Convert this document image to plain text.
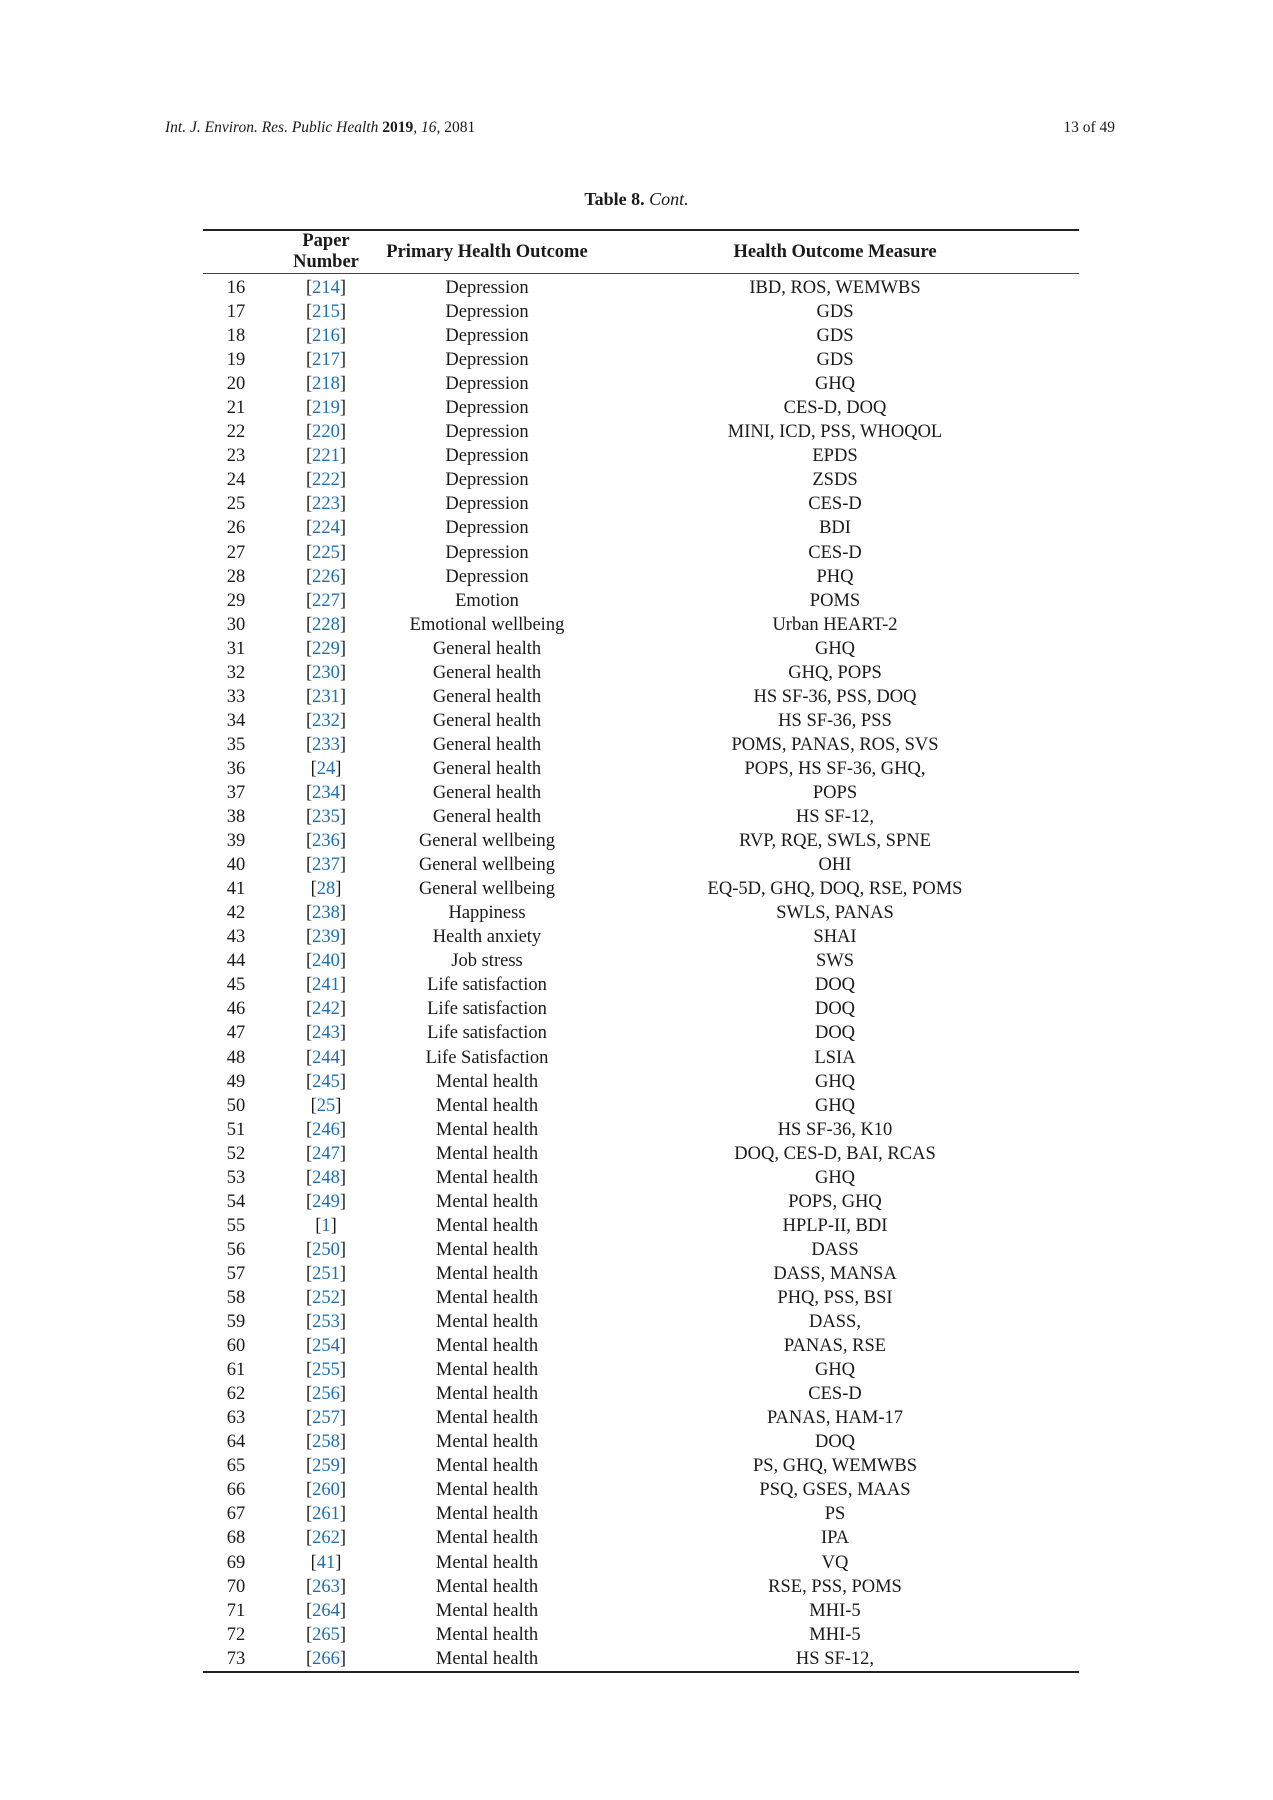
Int. J. Environ. Res. Public Health 2019, 16, 2081	13 of 49
Table 8. Cont.
	Paper Number	Primary Health Outcome	Health Outcome Measure
16	[214]	Depression	IBD, ROS, WEMWBS
17	[215]	Depression	GDS
18	[216]	Depression	GDS
19	[217]	Depression	GDS
20	[218]	Depression	GHQ
21	[219]	Depression	CES-D, DOQ
22	[220]	Depression	MINI, ICD, PSS, WHOQOL
23	[221]	Depression	EPDS
24	[222]	Depression	ZSDS
25	[223]	Depression	CES-D
26	[224]	Depression	BDI
27	[225]	Depression	CES-D
28	[226]	Depression	PHQ
29	[227]	Emotion	POMS
30	[228]	Emotional wellbeing	Urban HEART-2
31	[229]	General health	GHQ
32	[230]	General health	GHQ, POPS
33	[231]	General health	HS SF-36, PSS, DOQ
34	[232]	General health	HS SF-36, PSS
35	[233]	General health	POMS, PANAS, ROS, SVS
36	[24]	General health	POPS, HS SF-36, GHQ,
37	[234]	General health	POPS
38	[235]	General health	HS SF-12,
39	[236]	General wellbeing	RVP, RQE, SWLS, SPNE
40	[237]	General wellbeing	OHI
41	[28]	General wellbeing	EQ-5D, GHQ, DOQ, RSE, POMS
42	[238]	Happiness	SWLS, PANAS
43	[239]	Health anxiety	SHAI
44	[240]	Job stress	SWS
45	[241]	Life satisfaction	DOQ
46	[242]	Life satisfaction	DOQ
47	[243]	Life satisfaction	DOQ
48	[244]	Life Satisfaction	LSIA
49	[245]	Mental health	GHQ
50	[25]	Mental health	GHQ
51	[246]	Mental health	HS SF-36, K10
52	[247]	Mental health	DOQ, CES-D, BAI, RCAS
53	[248]	Mental health	GHQ
54	[249]	Mental health	POPS, GHQ
55	[1]	Mental health	HPLP-II, BDI
56	[250]	Mental health	DASS
57	[251]	Mental health	DASS, MANSA
58	[252]	Mental health	PHQ, PSS, BSI
59	[253]	Mental health	DASS,
60	[254]	Mental health	PANAS, RSE
61	[255]	Mental health	GHQ
62	[256]	Mental health	CES-D
63	[257]	Mental health	PANAS, HAM-17
64	[258]	Mental health	DOQ
65	[259]	Mental health	PS, GHQ, WEMWBS
66	[260]	Mental health	PSQ, GSES, MAAS
67	[261]	Mental health	PS
68	[262]	Mental health	IPA
69	[41]	Mental health	VQ
70	[263]	Mental health	RSE, PSS, POMS
71	[264]	Mental health	MHI-5
72	[265]	Mental health	MHI-5
73	[266]	Mental health	HS SF-12,
